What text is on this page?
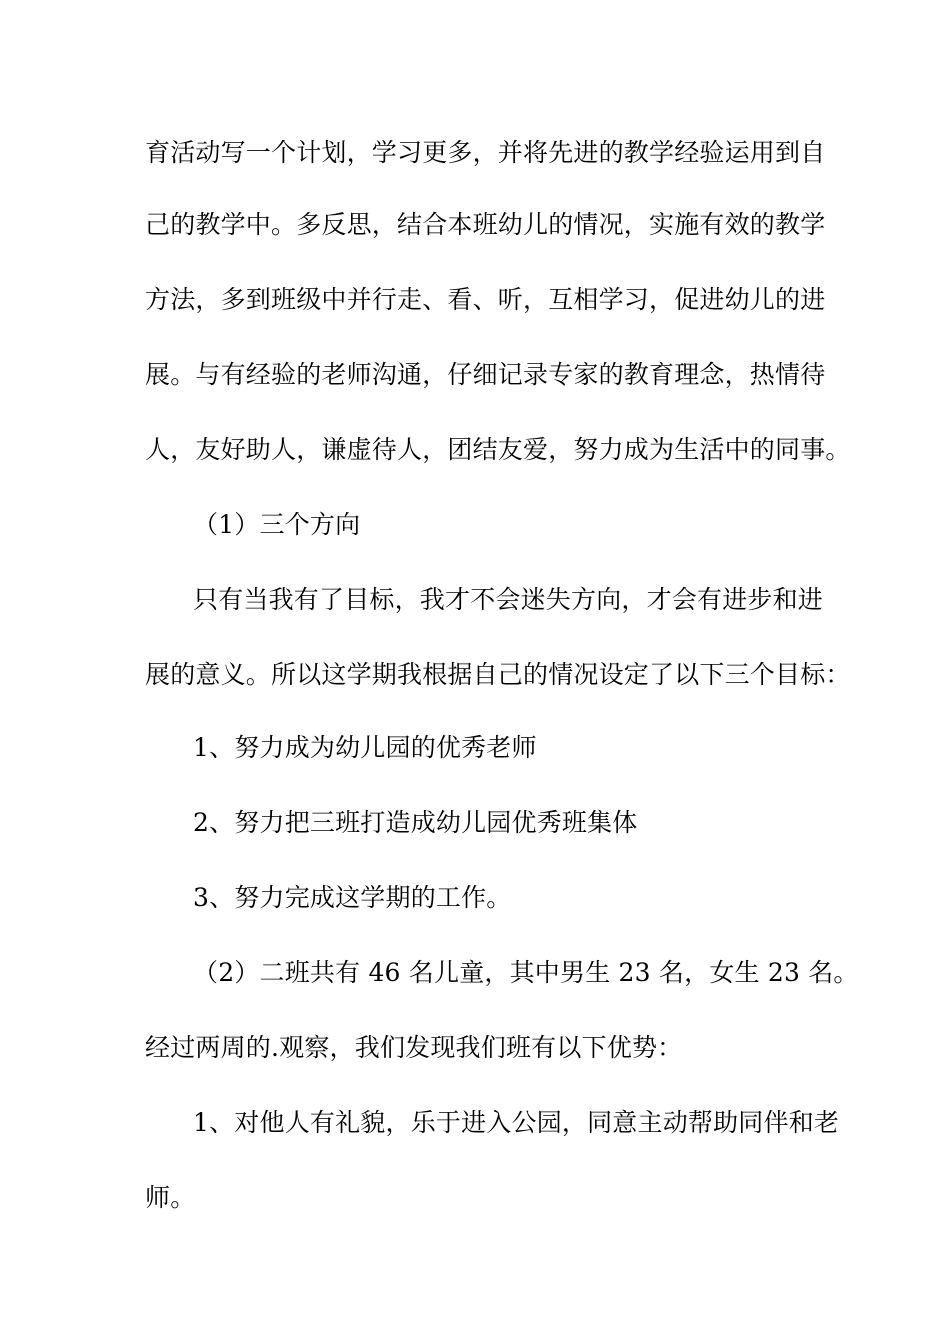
育活动写一个计划，学习更多，并将先进的教学经验运用到自
己的教学中。多反思，结合本班幼儿的情况，实施有效的教学
方法，多到班级中并行走、看、听，互相学习，促进幼儿的进
展。与有经验的老师沟通，仔细记录专家的教育理念，热情待
人，友好助人，谦虚待人，团结友爱，努力成为生活中的同事。
（1）三个方向
只有当我有了目标，我才不会迷失方向，才会有进步和进
展的意义。所以这学期我根据自己的情况设定了以下三个目标：
1、努力成为幼儿园的优秀老师
2、努力把三班打造成幼儿园优秀班集体
3、努力完成这学期的工作。
（2）二班共有 46 名儿童，其中男生 23 名，女生 23 名。
经过两周的.观察，我们发现我们班有以下优势：
1、对他人有礼貌，乐于进入公园，同意主动帮助同伴和老
师。
